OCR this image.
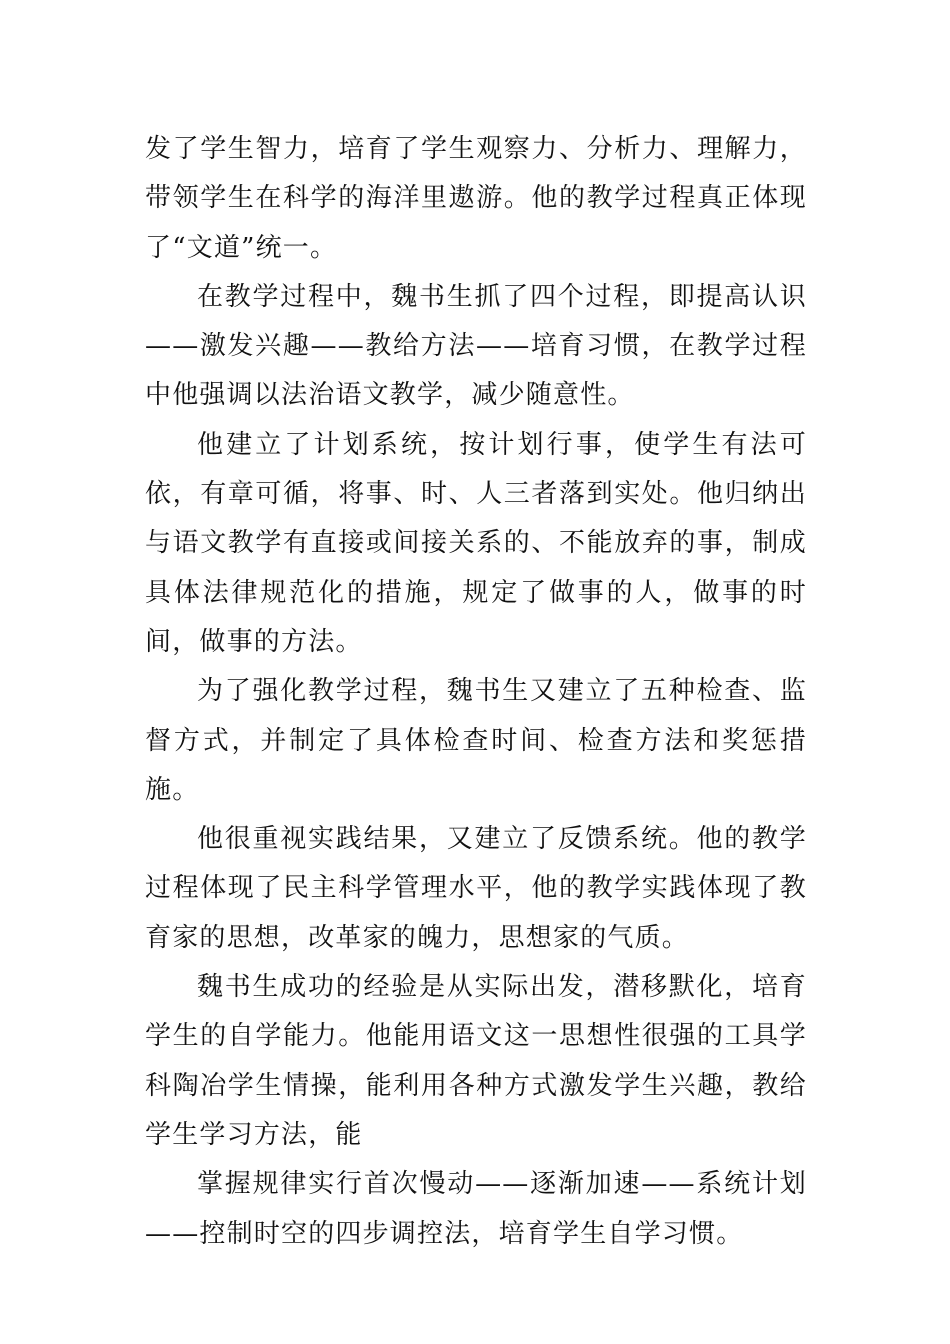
发了学生智力，培育了学生观察力、分析力、理解力，带领学生在科学的海洋里遨游。他的教学过程真正体现了“文道”统一。

在教学过程中，魏书生抓了四个过程，即提高认识——激发兴趣——教给方法——培育习惯，在教学过程中他强调以法治语文教学，减少随意性。

他建立了计划系统，按计划行事，使学生有法可依，有章可循，将事、时、人三者落到实处。他归纳出与语文教学有直接或间接关系的、不能放弃的事，制成具体法律规范化的措施，规定了做事的人，做事的时间，做事的方法。

为了强化教学过程，魏书生又建立了五种检查、监督方式，并制定了具体检查时间、检查方法和奖惩措施。

他很重视实践结果，又建立了反馈系统。他的教学过程体现了民主科学管理水平，他的教学实践体现了教育家的思想，改革家的魄力，思想家的气质。

魏书生成功的经验是从实际出发，潜移默化，培育学生的自学能力。他能用语文这一思想性很强的工具学科陶冶学生情操，能利用各种方式激发学生兴趣，教给学生学习方法，能

掌握规律实行首次慢动——逐渐加速——系统计划——控制时空的四步调控法，培育学生自学习惯。
